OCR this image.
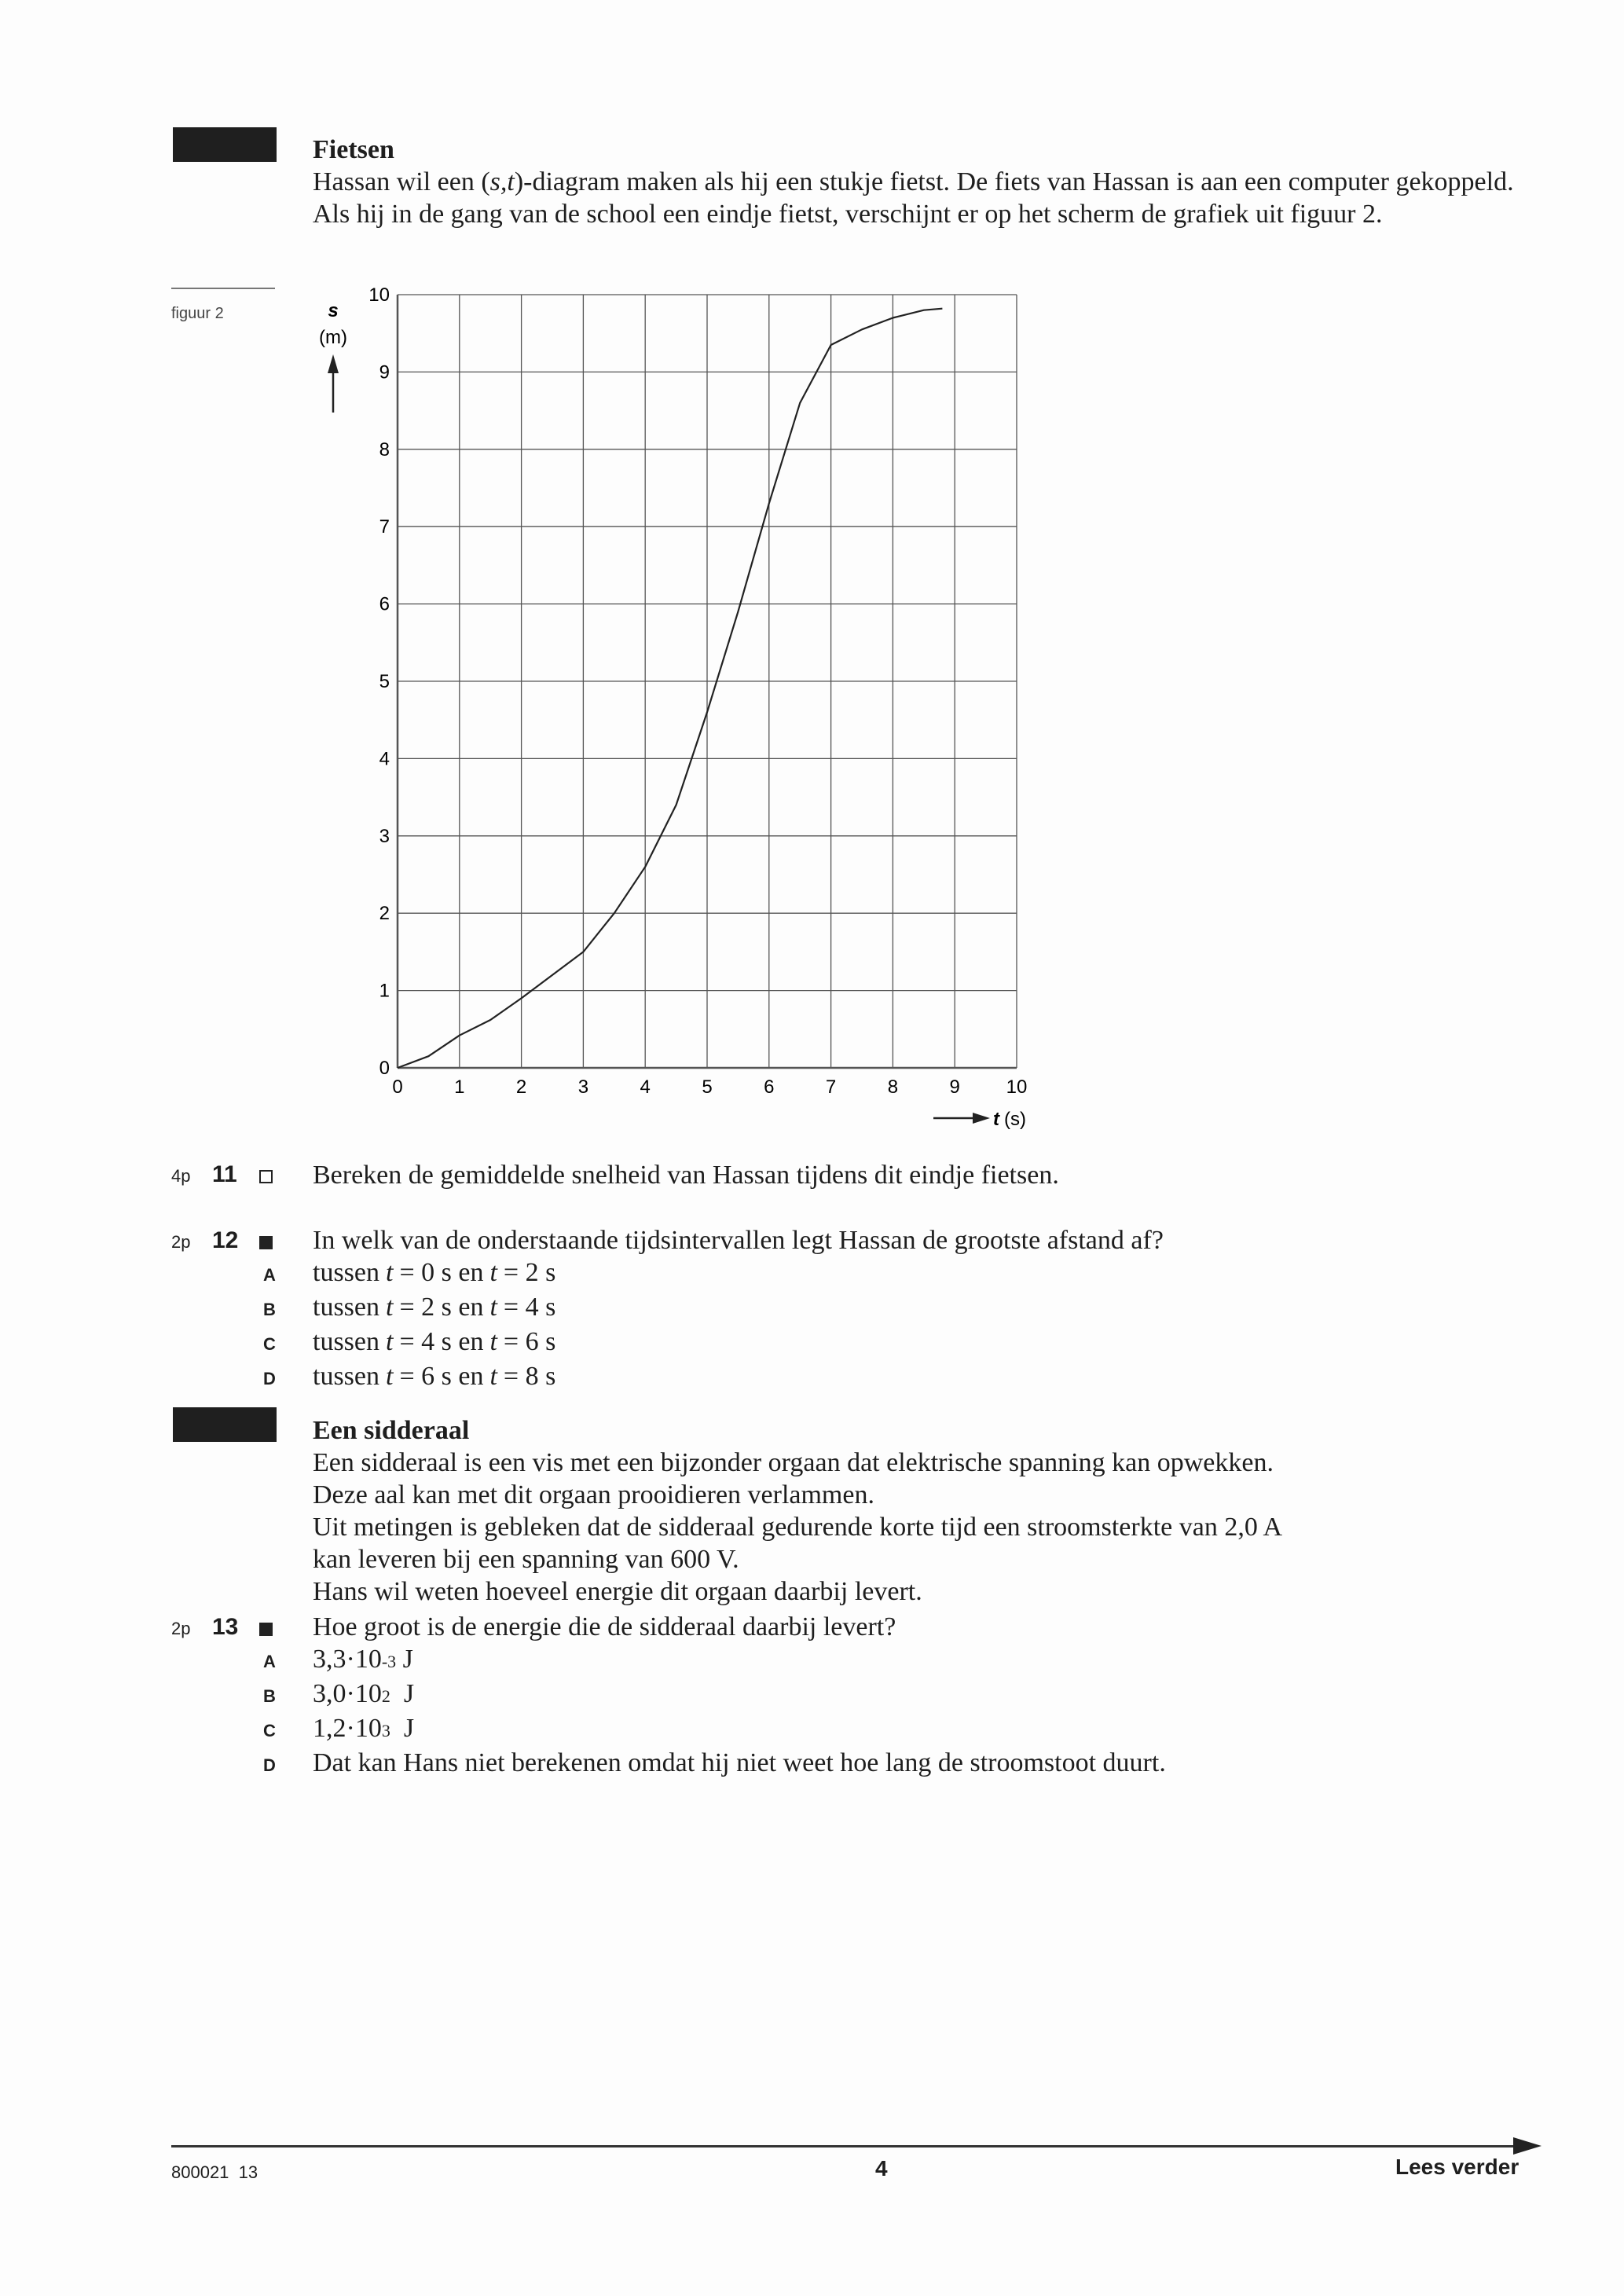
Fietsen

Hassan wil een (s,t)-diagram maken als hij een stukje fietst. De fiets van Hassan is aan een computer gekoppeld. Als hij in de gang van de school een eindje fietst, verschijnt er op het scherm de grafiek uit figuur 2.

figuur 2
0
1
2
3
4
5
6
7
8
9
10
0	1	2	3	4	5	6	7	8	9 10
s
(m)
t (s)
4p 11	Bereken de gemiddelde snelheid van Hassan tijdens dit eindje fietsen.
2p 12	In welk van de onderstaande tijdsintervallen legt Hassan de grootste afstand af?
A tussen t = 0 s en t = 2 s
B tussen t = 2 s en t = 4 s
C tussen t = 4 s en t = 6 s
D tussen t = 6 s en t = 8 s
Een sidderaal
Een sidderaal is een vis met een bijzonder orgaan dat elektrische spanning kan opwekken.
Deze aal kan met dit orgaan prooidieren verlammen.
Uit metingen is gebleken dat de sidderaal gedurende korte tijd een stroomsterkte van 2,0 A
kan leveren bij een spanning van 600 V.
Hans wil weten hoeveel energie dit orgaan daarbij levert.
2p 13	Hoe groot is de energie die de sidderaal daarbij levert?
A 3,3·10 -3 J
B 3,0·10 2 J
C 1,2·10 3 J
D Dat kan Hans niet berekenen omdat hij niet weet hoe lang de stroomstoot duurt.
800021  13	4	Lees verder
